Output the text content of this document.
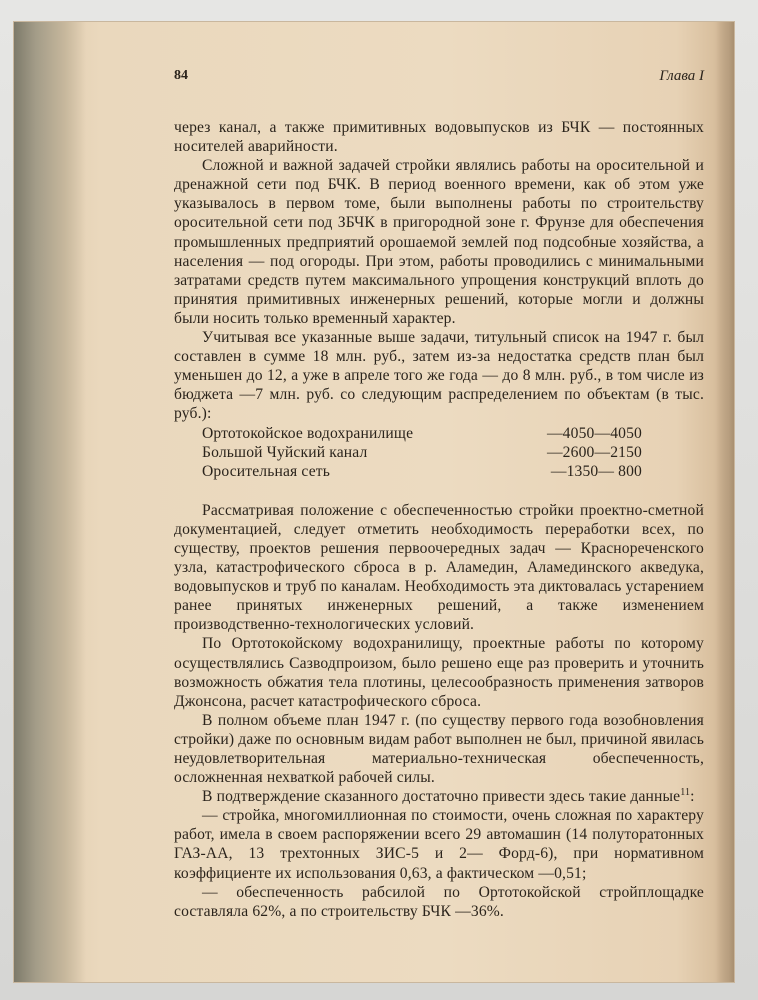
84	Глава I

через канал, а также примитивных водовыпусков из БЧК — постоянных носителей аварийности.

Сложной и важной задачей стройки являлись работы на оросительной и дренажной сети под БЧК. В период военного времени, как об этом уже указывалось в первом томе, были выполнены работы по строительству оросительной сети под ЗБЧК в пригородной зоне г. Фрунзе для обеспечения промышленных предприятий орошаемой землей под подсобные хозяйства, а населения — под огороды. При этом, работы проводились с минимальными затратами средств путем максимального упрощения конструкций вплоть до принятия примитивных инженерных решений, которые могли и должны были носить только временный характер.

Учитывая все указанные выше задачи, титульный список на 1947 г. был составлен в сумме 18 млн. руб., затем из-за недостатка средств план был уменьшен до 12, а уже в апреле того же года — до 8 млн. руб., в том числе из бюджета —7 млн. руб. со следующим распределением по объектам (в тыс. руб.):

Ортотокойское водохранилище	—4050—4050
Большой Чуйский канал	—2600—2150
Оросительная сеть	—1350— 800

Рассматривая положение с обеспеченностью стройки проектно-сметной документацией, следует отметить необходимость переработки всех, по существу, проектов решения первоочередных задач — Краснореченского узла, катастрофического сброса в р. Аламедин, Аламединского акведука, водовыпусков и труб по каналам. Необходимость эта диктовалась устарением ранее принятых инженерных решений, а также изменением производственно-технологических условий.

По Ортотокойскому водохранилищу, проектные работы по которому осуществлялись Сазводпроизом, было решено еще раз проверить и уточнить возможность обжатия тела плотины, целесообразность применения затворов Джонсона, расчет катастрофического сброса.

В полном объеме план 1947 г. (по существу первого года возобновления стройки) даже по основным видам работ выполнен не был, причиной явилась неудовлетворительная материально-техническая обеспеченность, осложненная нехваткой рабочей силы.

В подтверждение сказанного достаточно привести здесь такие данные$^{11}$:

— стройка, многомиллионная по стоимости, очень сложная по характеру работ, имела в своем распоряжении всего 29 автомашин (14 полуторатонных ГАЗ-АА, 13 трехтонных ЗИС-5 и 2— Форд-6), при нормативном коэффициенте их использования 0,63, а фактическом —0,51;

— обеспеченность рабсилой по Ортотокойской стройплощадке составляла 62%, а по строительству БЧК —36%.
